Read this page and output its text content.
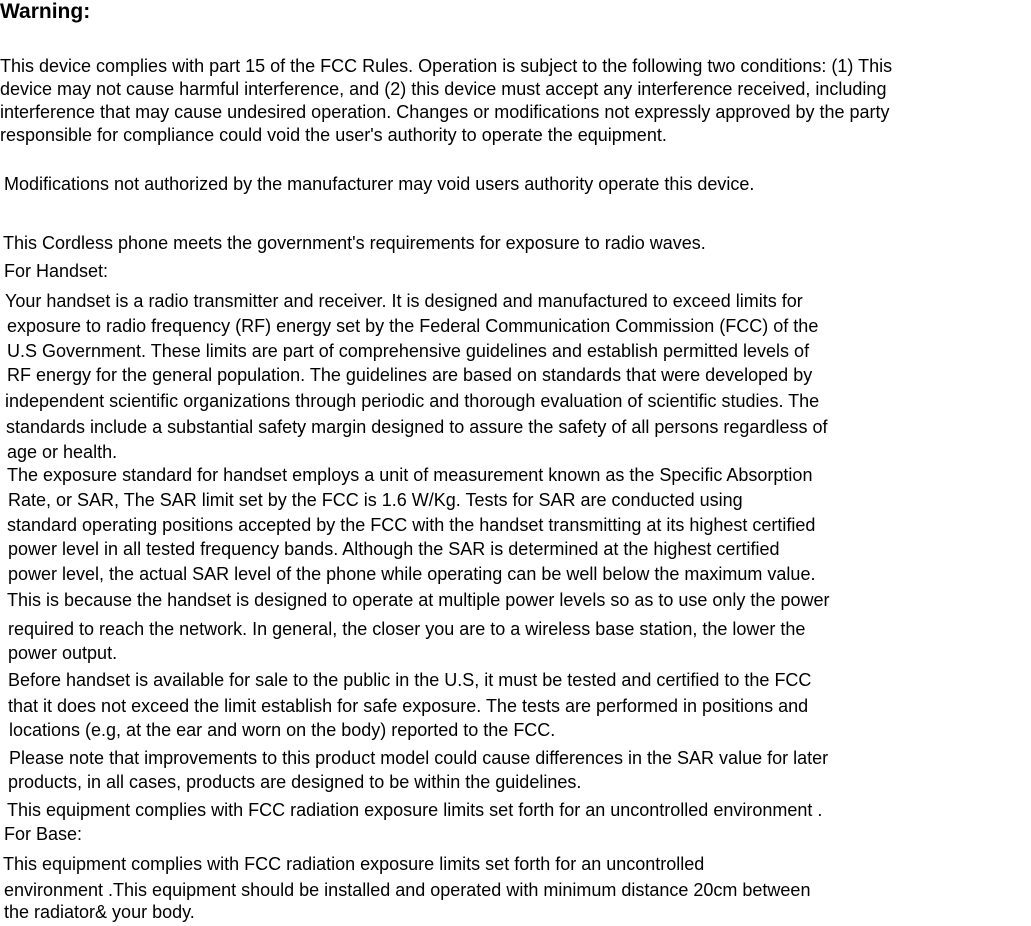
Warning:
This device complies with part 15 of the FCC Rules. Operation is subject to the following two conditions: (1) This
device may not cause harmful interference, and (2) this device must accept any interference received, including
interference that may cause undesired operation. Changes or modifications not expressly approved by the party
responsible for compliance could void the user's authority to operate the equipment.
Modifications not authorized by the manufacturer may void users authority operate this device.
This Cordless phone meets the government's requirements for exposure to radio waves.
For Handset:
Your handset is a radio transmitter and receiver. It is designed and manufactured to exceed limits for
exposure to radio frequency (RF) energy set by the Federal Communication Commission (FCC) of the
U.S Government. These limits are part of comprehensive guidelines and establish permitted levels of
RF energy for the general population. The guidelines are based on standards that were developed by
independent scientific organizations through periodic and thorough evaluation of scientific studies. The
standards include a substantial safety margin designed to assure the safety of all persons regardless of
age or health.
The exposure standard for handset employs a unit of measurement known as the Specific Absorption
Rate, or SAR, The SAR limit set by the FCC is 1.6 W/Kg. Tests for SAR are conducted using
standard operating positions accepted by the FCC with the handset transmitting at its highest certified
power level in all tested frequency bands. Although the SAR is determined at the highest certified
power level, the actual SAR level of the phone while operating can be well below the maximum value.
This is because the handset is designed to operate at multiple power levels so as to use only the power
required to reach the network. In general, the closer you are to a wireless base station, the lower the
power output.
Before handset is available for sale to the public in the U.S, it must be tested and certified to the FCC
that it does not exceed the limit establish for safe exposure. The tests are performed in positions and
locations (e.g, at the ear and worn on the body) reported to the FCC.
Please note that improvements to this product model could cause differences in the SAR value for later
products, in all cases, products are designed to be within the guidelines.
This equipment complies with FCC radiation exposure limits set forth for an uncontrolled environment .
For Base:
This equipment complies with FCC radiation exposure limits set forth for an uncontrolled
environment .This equipment should be installed and operated with minimum distance 20cm between
the radiator& your body.
